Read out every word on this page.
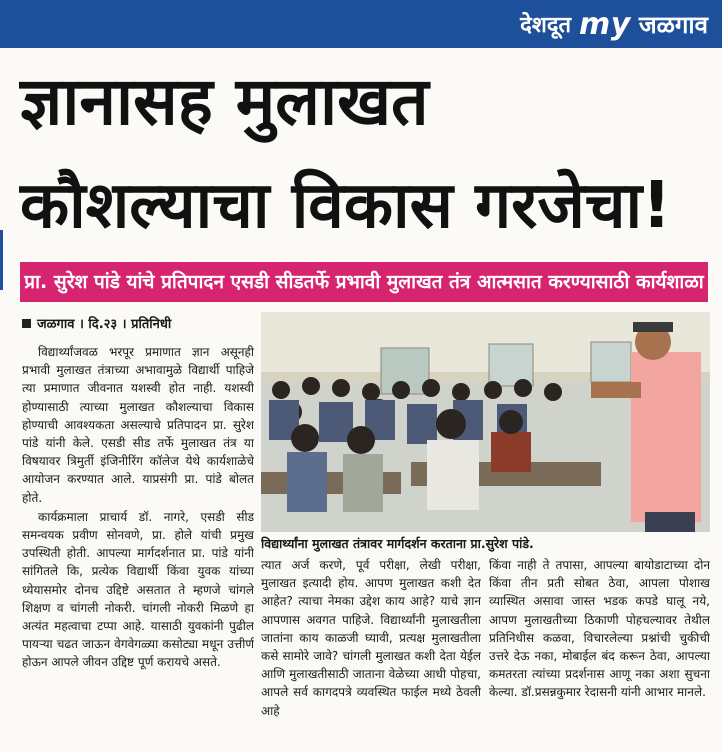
देशदूत my जळगाव
ज्ञानासह मुलाखत
कौशल्याचा विकास गरजेचा!
प्रा. सुरेश पांडे यांचे प्रतिपादन एसडी सीडतर्फे प्रभावी मुलाखत तंत्र आत्मसात करण्यासाठी कार्यशाळा
जळगाव । दि.२३ । प्रतिनिधी
विद्यार्थ्यांना मुलाखत तंत्रावर मार्गदर्शन करताना प्रा.सुरेश पांडे.

विद्यार्थ्यांजवळ भरपूर प्रमाणात ज्ञान असूनही प्रभावी मुलाखत तंत्राच्या अभावामुळे विद्यार्थी पाहिजे त्या प्रमाणात जीवनात यशस्वी होत नाही. यशस्वी होण्यासाठी त्याच्या मुलाखत कौशल्याचा विकास होण्याची आवश्यकता असल्याचे प्रतिपादन प्रा. सुरेश पांडे यांनी केले. एसडी सीड तर्फे मुलाखत तंत्र या विषयावर त्रिमुर्ती इंजिनीरिंग कॉलेज येथे कार्यशाळेचे आयोजन करण्यात आले. याप्रसंगी प्रा. पांडे बोलत होते.

कार्यक्रमाला प्राचार्य डॉ. नागरे, एसडी सीड समन्वयक प्रवीण सोनवणे, प्रा. होले यांची प्रमुख उपस्थिती होती. आपल्या मार्गदर्शनात प्रा. पांडे यांनी सांगितले कि, प्रत्येक विद्यार्थी किंवा युवक यांच्या ध्येयासमोर दोनच उद्दिष्टे असतात ते म्हणजे चांगले शिक्षण व चांगली नोकरी. चांगली नोकरी मिळणे हा अत्यंत महत्वाचा टप्पा आहे. यासाठी युवकांनी पुढील पायऱ्या चढत जाऊन वेगवेगळ्या कसोट्या मधून उत्तीर्ण होऊन आपले जीवन उद्दिष्ट पूर्ण करायचे असते.

त्यात अर्ज करणे, पूर्व परीक्षा, लेखी परीक्षा, मुलाखत इत्यादी होय. आपण मुलाखत कशी देत आहेत? त्याचा नेमका उद्देश काय आहे? याचे ज्ञान आपणास अवगत पाहिजे. विद्यार्थ्यांनी मुलाखतीला जातांना काय काळजी घ्यावी, प्रत्यक्ष मुलाखतीला कसे सामोरे जावे? चांगली मुलाखत कशी देता येईल आणि मुलाखतीसाठी जाताना वेळेच्या आधी पोहचा, आपले सर्व कागदपत्रे व्यवस्थित फाईल मध्ये ठेवली आहे

किंवा नाही ते तपासा, आपल्या बायोडाटाच्या दोन किंवा तीन प्रती सोबत ठेवा, आपला पोशाख व्यास्थित असावा जास्त भडक कपडे घालू नये, आपण मुलाखतीच्या ठिकाणी पोहचल्यावर तेथील प्रतिनिधीस कळवा, विचारलेल्या प्रश्नांची चुकीची उत्तरे देऊ नका, मोबाईल बंद करून ठेवा, आपल्या कमतरता त्यांच्या प्रदर्शनास आणू नका अशा सुचना केल्या. डॉ.प्रसन्नकुमार रेदासनी यांनी आभार मानले.
